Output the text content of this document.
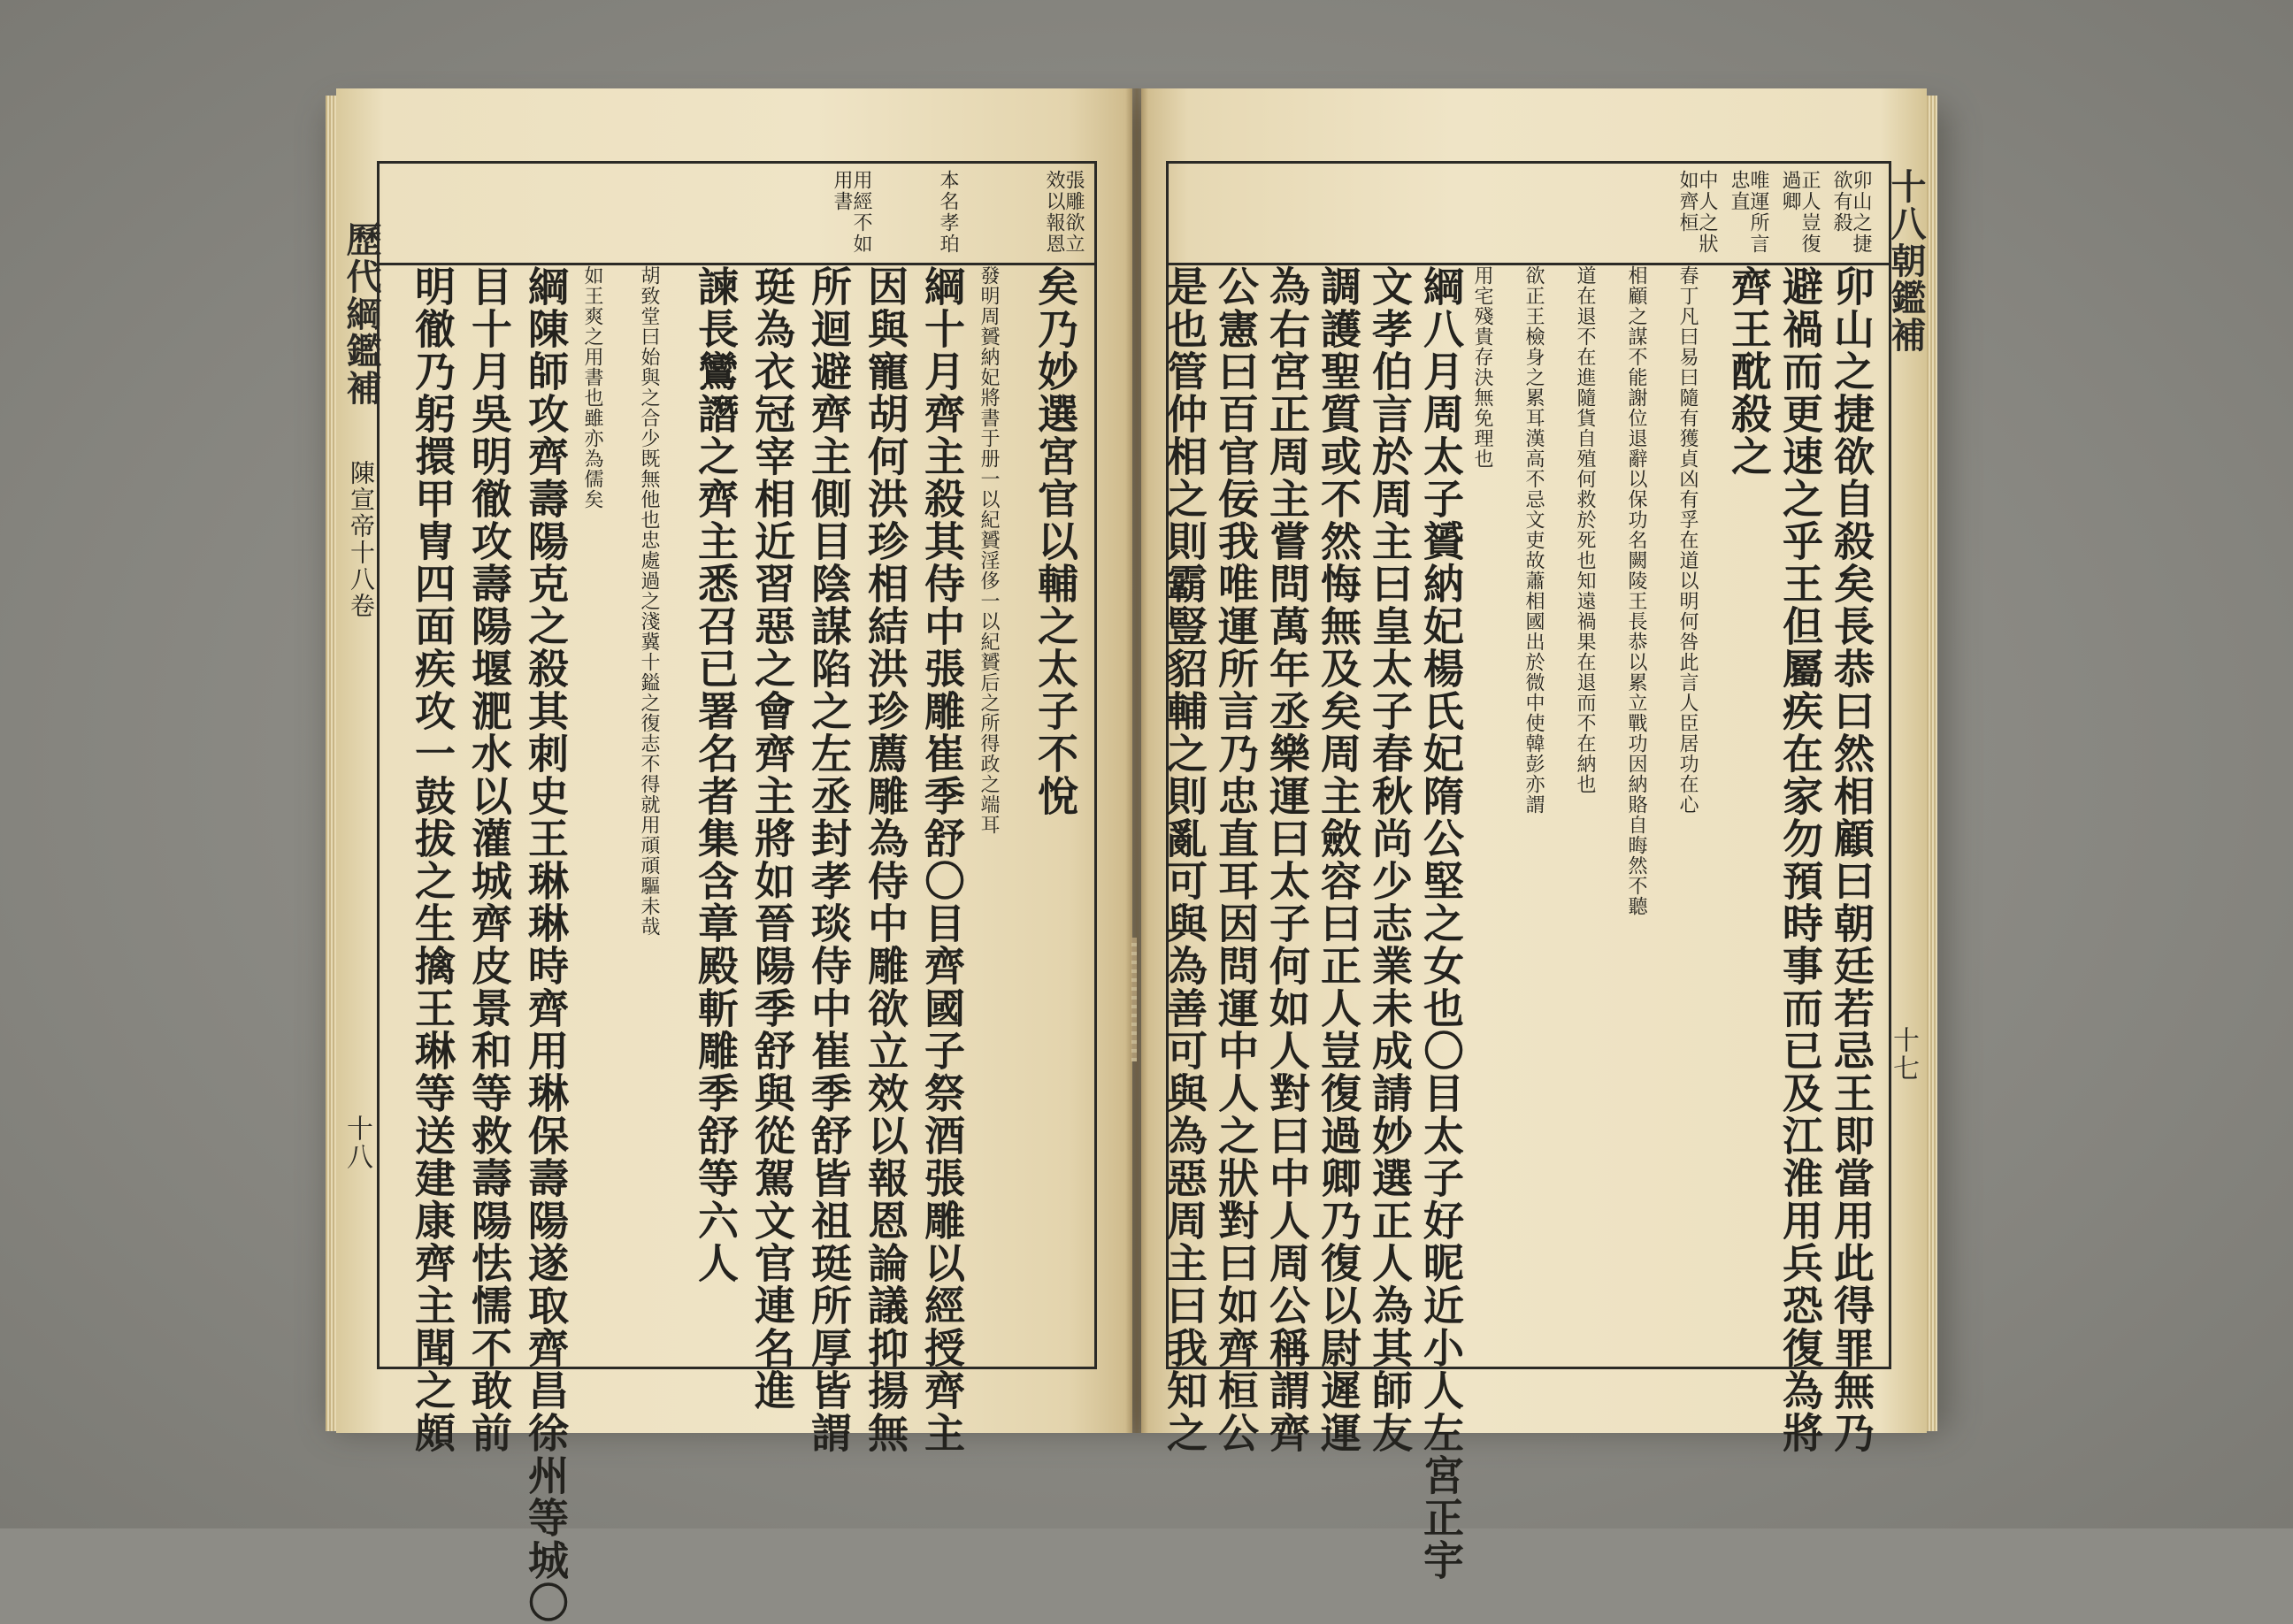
歷代綱鑑補
陳宣帝十八卷
十八
張雕欲立效以報恩
本名孝珀
用經不如用書
矣乃妙選宮官以輔之太子不悅
發明周贇納妃將書于册一以紀贇淫侈一以紀贇后之所得政之端耳
綱十月齊主殺其侍中張雕崔季舒〇目齊國子祭酒張雕以經授齊主
因與寵胡何洪珍相結洪珍薦雕為侍中雕欲立效以報恩論議抑揚無
所迴避齊主側目陰謀陷之左丞封孝琰侍中崔季舒皆祖珽所厚皆謂
珽為衣冠宰相近習惡之會齊主將如晉陽季舒與從駕文官連名進
諫長鸞譖之齊主悉召已署名者集含章殿斬雕季舒等六人
胡致堂曰始與之合少既無他也忠處過之淺冀十鎰之復志不得就用頑頑驅未哉
如王爽之用書也雖亦為儒矣
綱陳師攻齊壽陽克之殺其刺史王琳琳時齊用琳保壽陽遂取齊昌徐州等城〇
目十月吳明徹攻壽陽堰淝水以灌城齊皮景和等救壽陽怯懦不敢前
明徹乃躬擐甲冑四面疾攻一鼓拔之生擒王琳等送建康齊主聞之頗
十八朝鑑補
十七
卯山之捷欲有殺
正人豈復過卿
唯運所言忠直
中人之狀如齊桓
卯山之捷欲自殺矣長恭曰然相顧曰朝廷若忌王即當用此得罪無乃
避禍而更速之乎王但屬疾在家勿預時事而已及江淮用兵恐復為將
齊王酖殺之
春丁凡曰易曰隨有獲貞凶有孚在道以明何咎此言人臣居功在心
相顧之謀不能謝位退辭以保功名闕陵王長恭以累立戰功因納賂自晦然不聽
道在退不在進隨貨自殖何救於死也知遠禍果在退而不在納也
欲正王檢身之累耳漢高不忌文吏故蕭相國出於微中使韓彭亦謂
用宅殘貴存決無免理也
綱八月周太子贇納妃楊氏妃隋公堅之女也〇目太子好昵近小人左宮正宇
文孝伯言於周主曰皇太子春秋尚少志業未成請妙選正人為其師友
調護聖質或不然悔無及矣周主斂容曰正人豈復過卿乃復以尉遲運
為右宮正周主嘗問萬年丞樂運曰太子何如人對曰中人周公稱謂齊
公憲曰百官佞我唯運所言乃忠直耳因問運中人之狀對曰如齊桓公
是也管仲相之則霸豎貂輔之則亂可與為善可與為惡周主曰我知之
